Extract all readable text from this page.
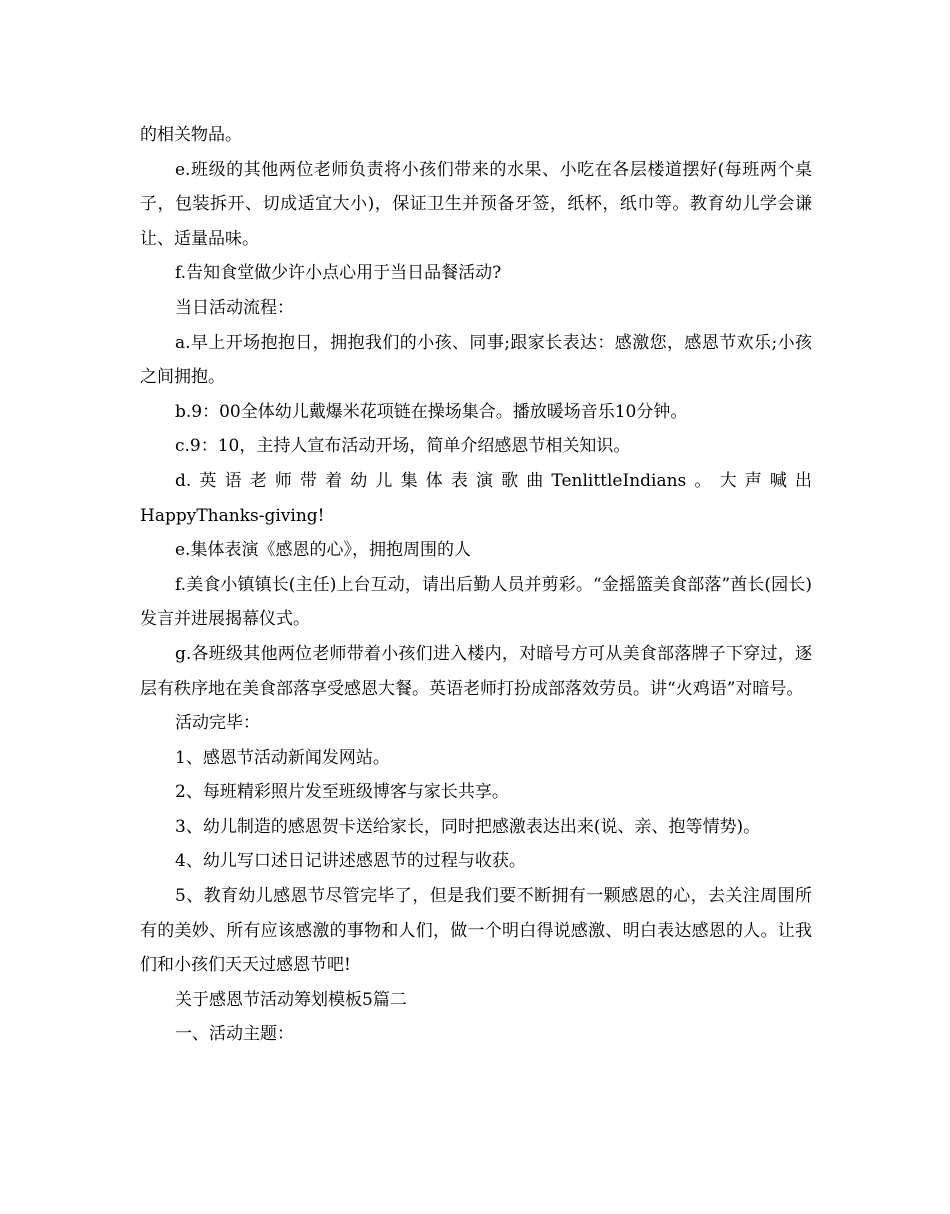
的相关物品。

e.班级的其他两位老师负责将小孩们带来的水果、小吃在各层楼道摆好(每班两个桌子，包装拆开、切成适宜大小)，保证卫生并预备牙签，纸杯，纸巾等。教育幼儿学会谦让、适量品味。

f.告知食堂做少许小点心用于当日品餐活动?

当日活动流程：

a.早上开场抱抱日，拥抱我们的小孩、同事;跟家长表达：感激您，感恩节欢乐;小孩之间拥抱。

b.9：00全体幼儿戴爆米花项链在操场集合。播放暖场音乐10分钟。

c.9：10，主持人宣布活动开场，简单介绍感恩节相关知识。

d.英语老师带着幼儿集体表演歌曲TenlittleIndians。大声喊出

HappyThanks-giving!

e.集体表演《感恩的心》，拥抱周围的人

f.美食小镇镇长(主任)上台互动，请出后勤人员并剪彩。“金摇篮美食部落”酋长(园长)发言并进展揭幕仪式。

g.各班级其他两位老师带着小孩们进入楼内，对暗号方可从美食部落牌子下穿过，逐层有秩序地在美食部落享受感恩大餐。英语老师打扮成部落效劳员。讲“火鸡语”对暗号。

活动完毕：

1、感恩节活动新闻发网站。

2、每班精彩照片发至班级博客与家长共享。

3、幼儿制造的感恩贺卡送给家长，同时把感激表达出来(说、亲、抱等情势)。

4、幼儿写口述日记讲述感恩节的过程与收获。

5、教育幼儿感恩节尽管完毕了，但是我们要不断拥有一颗感恩的心，去关注周围所有的美妙、所有应该感激的事物和人们，做一个明白得说感激、明白表达感恩的人。让我们和小孩们天天过感恩节吧!

关于感恩节活动筹划模板5篇二

一、活动主题：
